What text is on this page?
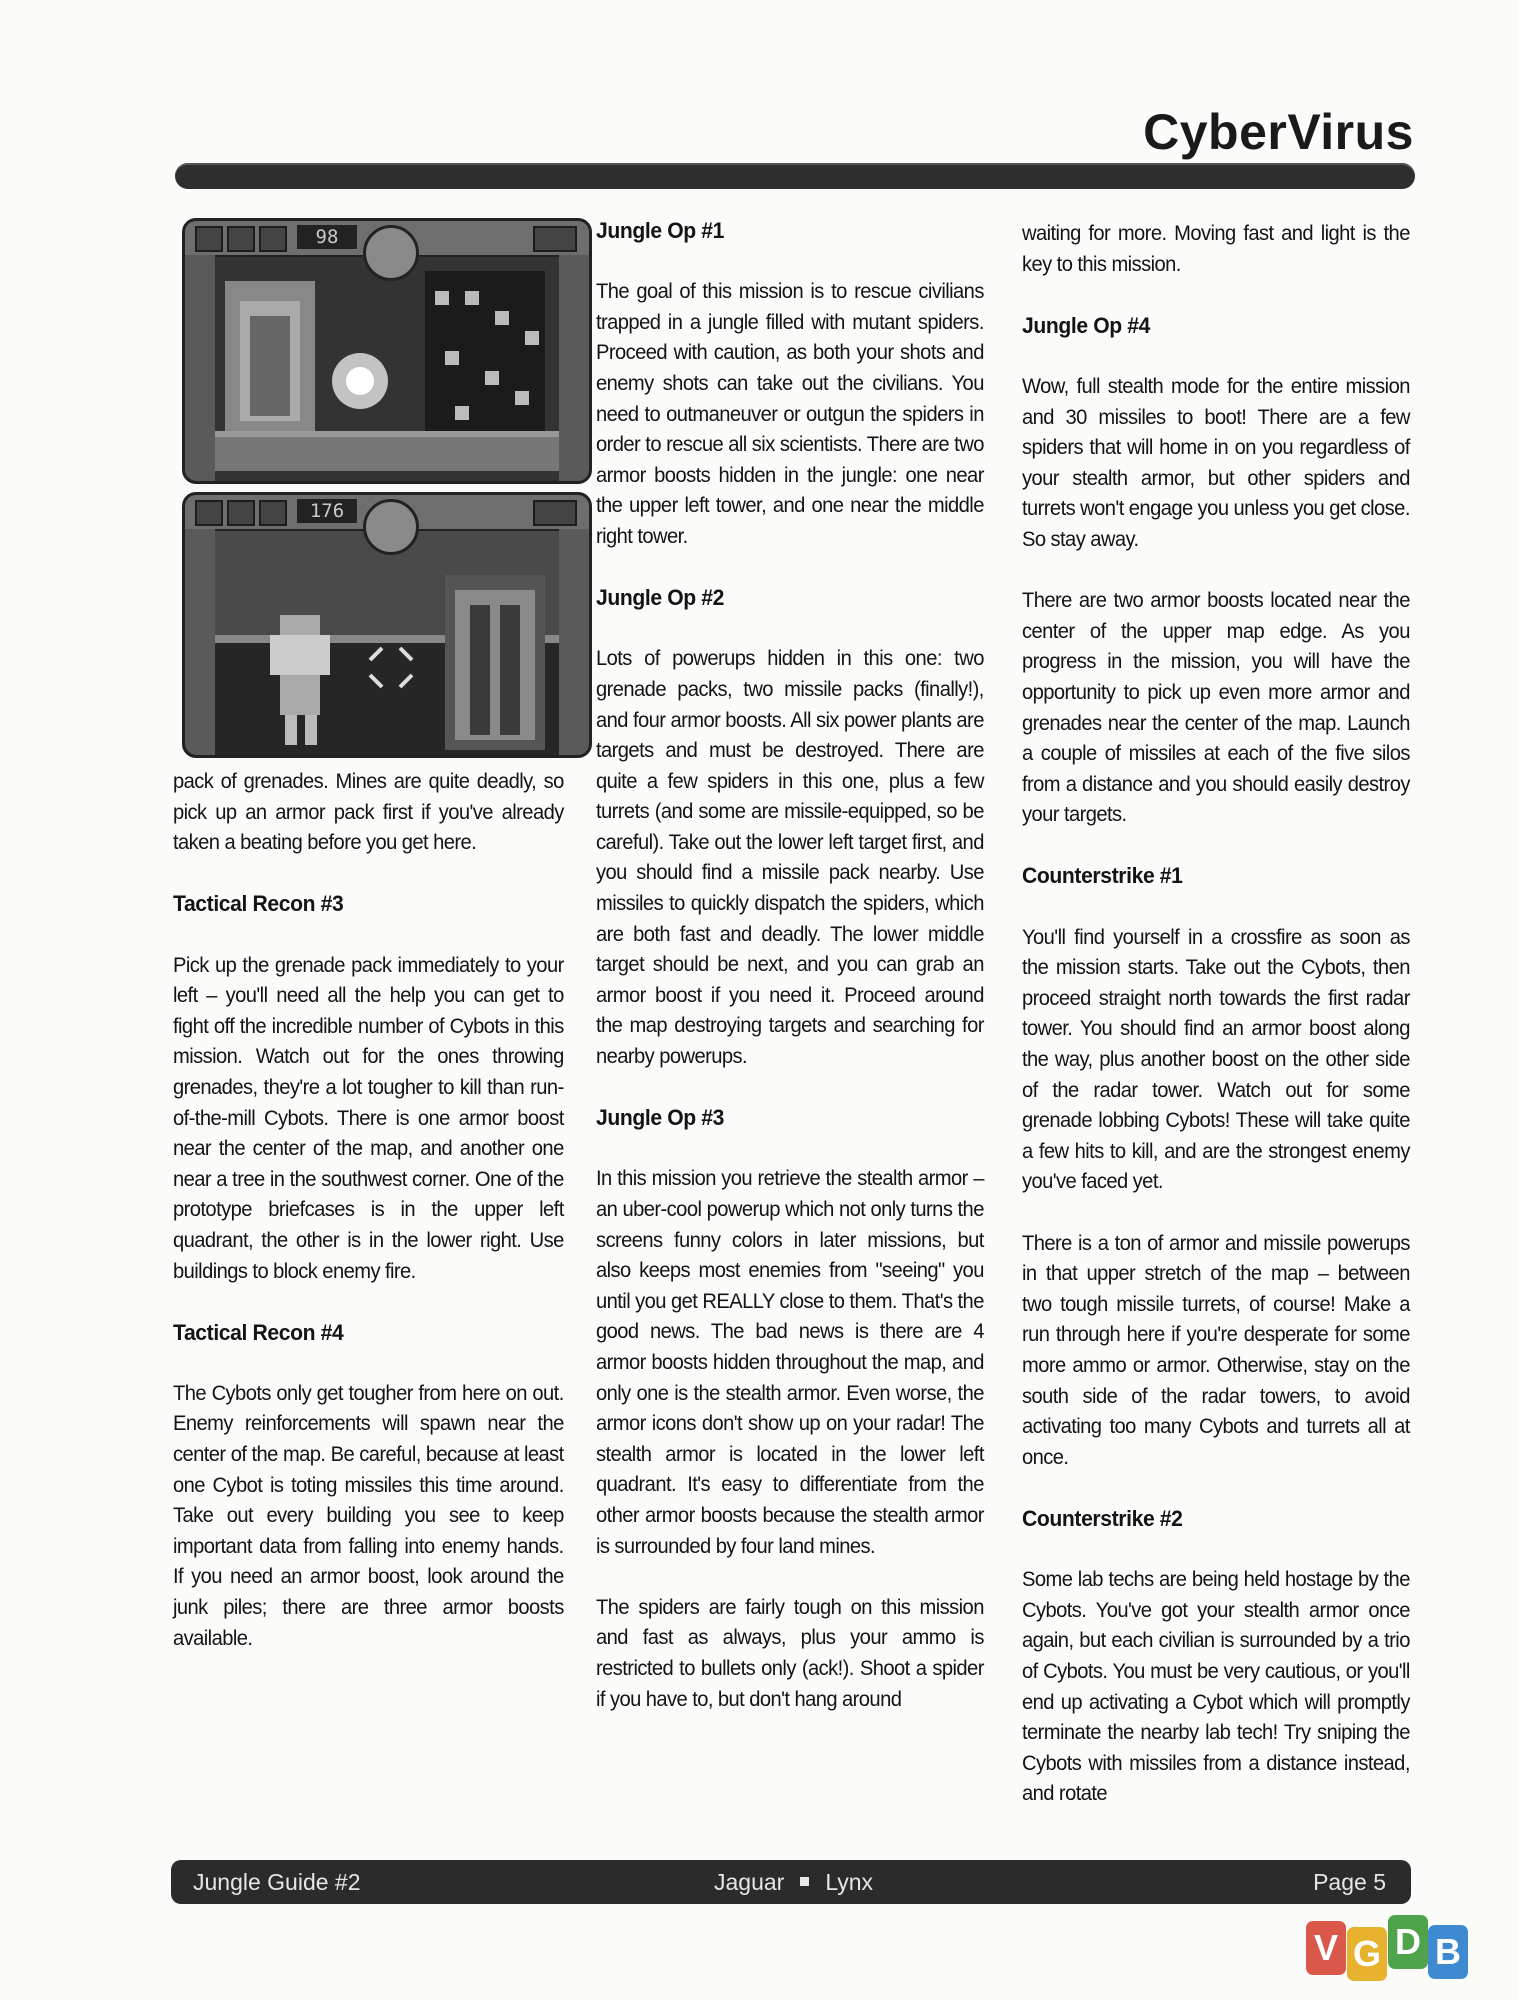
CyberVirus
98
176

pack of grenades. Mines are quite deadly, so pick up an armor pack first if you've already taken a beating before you get here.

Tactical Recon #3

Pick up the grenade pack immediately to your left – you'll need all the help you can get to fight off the incredible number of Cybots in this mission. Watch out for the ones throwing grenades, they're a lot tougher to kill than run-of-the-mill Cybots. There is one armor boost near the center of the map, and another one near a tree in the southwest corner. One of the prototype briefcases is in the upper left quadrant, the other is in the lower right. Use buildings to block enemy fire.

Tactical Recon #4

The Cybots only get tougher from here on out. Enemy reinforcements will spawn near the center of the map. Be careful, because at least one Cybot is toting missiles this time around. Take out every building you see to keep important data from falling into enemy hands. If you need an armor boost, look around the junk piles; there are three armor boosts available.

Jungle Op #1

The goal of this mission is to rescue civilians trapped in a jungle filled with mutant spiders. Proceed with caution, as both your shots and enemy shots can take out the civilians. You need to outmaneuver or outgun the spiders in order to rescue all six scientists. There are two armor boosts hidden in the jungle: one near the upper left tower, and one near the middle right tower.

Jungle Op #2

Lots of powerups hidden in this one: two grenade packs, two missile packs (finally!), and four armor boosts. All six power plants are targets and must be destroyed. There are quite a few spiders in this one, plus a few turrets (and some are missile-equipped, so be careful). Take out the lower left target first, and you should find a missile pack nearby. Use missiles to quickly dispatch the spiders, which are both fast and deadly. The lower middle target should be next, and you can grab an armor boost if you need it. Proceed around the map destroying targets and searching for nearby powerups.

Jungle Op #3

In this mission you retrieve the stealth armor – an uber-cool powerup which not only turns the screens funny colors in later missions, but also keeps most enemies from "seeing" you until you get REALLY close to them. That's the good news. The bad news is there are 4 armor boosts hidden throughout the map, and only one is the stealth armor. Even worse, the armor icons don't show up on your radar! The stealth armor is located in the lower left quadrant. It's easy to differentiate from the other armor boosts because the stealth armor is surrounded by four land mines.

The spiders are fairly tough on this mission and fast as always, plus your ammo is restricted to bullets only (ack!). Shoot a spider if you have to, but don't hang around

waiting for more. Moving fast and light is the key to this mission.

Jungle Op #4

Wow, full stealth mode for the entire mission and 30 missiles to boot! There are a few spiders that will home in on you regardless of your stealth armor, but other spiders and turrets won't engage you unless you get close. So stay away.

There are two armor boosts located near the center of the upper map edge. As you progress in the mission, you will have the opportunity to pick up even more armor and grenades near the center of the map. Launch a couple of missiles at each of the five silos from a distance and you should easily destroy your targets.

Counterstrike #1

You'll find yourself in a crossfire as soon as the mission starts. Take out the Cybots, then proceed straight north towards the first radar tower. You should find an armor boost along the way, plus another boost on the other side of the radar tower. Watch out for some grenade lobbing Cybots! These will take quite a few hits to kill, and are the strongest enemy you've faced yet.

There is a ton of armor and missile powerups in that upper stretch of the map – between two tough missile turrets, of course! Make a run through here if you're desperate for some more ammo or armor. Otherwise, stay on the south side of the radar towers, to avoid activating too many Cybots and turrets all at once.

Counterstrike #2

Some lab techs are being held hostage by the Cybots. You've got your stealth armor once again, but each civilian is surrounded by a trio of Cybots. You must be very cautious, or you'll end up activating a Cybot which will promptly terminate the nearby lab tech! Try sniping the Cybots with missiles from a distance instead, and rotate

Jungle Guide #2	Jaguar Lynx	Page 5
V G D B
